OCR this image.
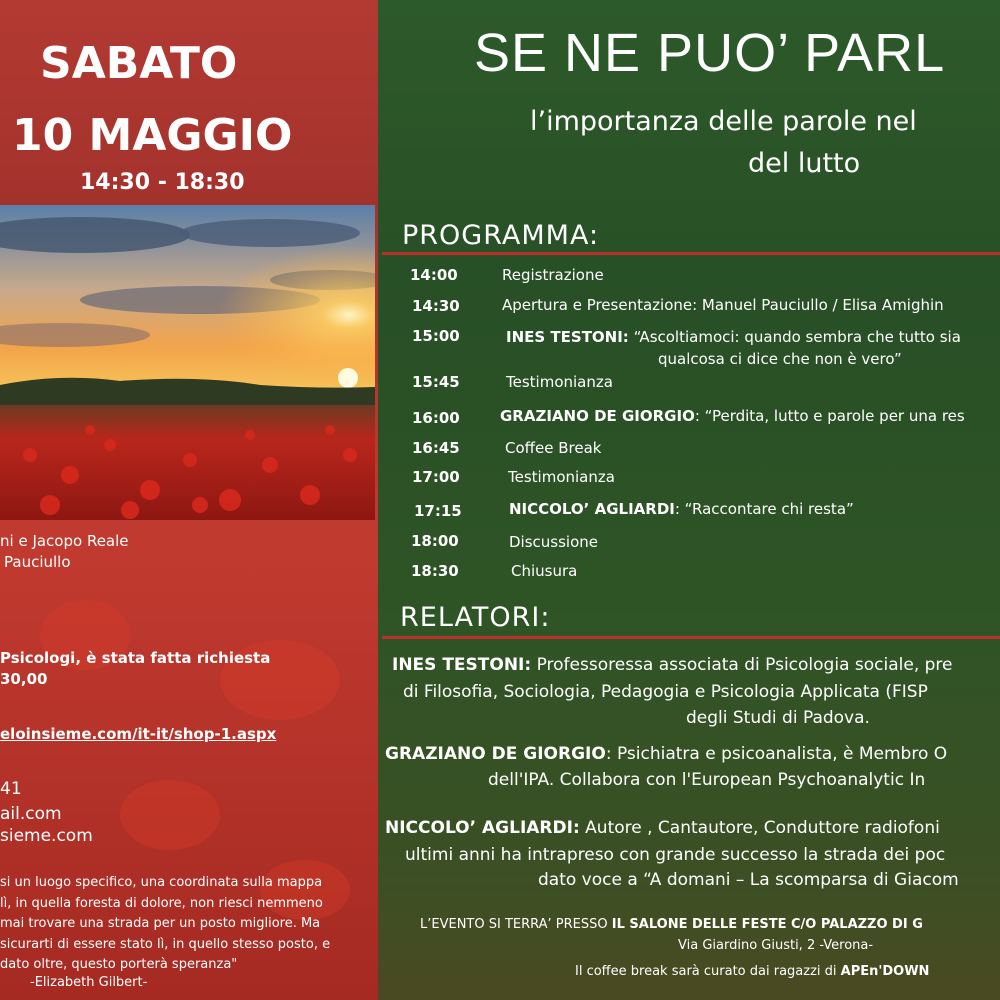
SABATO
10 MAGGIO
14:30 - 18:30
ni e Jacopo Reale
Pauciullo
Psicologi, è stata fatta richiesta
30,00
eloinsieme.com/it-it/shop-1.aspx
41
ail.com
sieme.com
si un luogo specifico, una coordinata sulla mappa
lì, in quella foresta di dolore, non riesci nemmeno
mai trovare una strada per un posto migliore. Ma
sicurarti di essere stato lì, in quello stesso posto, e
dato oltre, questo porterà speranza"
-Elizabeth Gilbert-
SE NE PUO’ PARL
l’importanza delle parole nel
del lutto
PROGRAMMA:
14:00	Registrazione
14:30	Apertura e Presentazione: Manuel Pauciullo / Elisa Amighin
15:00	INES TESTONI: “Ascoltiamoci: quando sembra che tutto sia
qualcosa ci dice che non è vero”
15:45	Testimonianza
16:00	GRAZIANO DE GIORGIO: “Perdita, lutto e parole per una res
16:45	Coffee Break
17:00	Testimonianza
17:15	NICCOLO’ AGLIARDI: “Raccontare chi resta”
18:00	Discussione
18:30	Chiusura
RELATORI:
INES TESTONI: Professoressa associata di Psicologia sociale, pre
di Filosofia, Sociologia, Pedagogia e Psicologia Applicata (FISP
degli Studi di Padova.
GRAZIANO DE GIORGIO: Psichiatra e psicoanalista, è Membro O
dell'IPA. Collabora con l'European Psychoanalytic In
NICCOLO’ AGLIARDI: Autore , Cantautore, Conduttore radiofoni
ultimi anni ha intrapreso con grande successo la strada dei poc
dato voce a “A domani – La scomparsa di Giacom
L’EVENTO SI TERRA’ PRESSO IL SALONE DELLE FESTE C/O PALAZZO DI G
Via Giardino Giusti, 2 -Verona-
Il coffee break sarà curato dai ragazzi di APEn'DOWN
